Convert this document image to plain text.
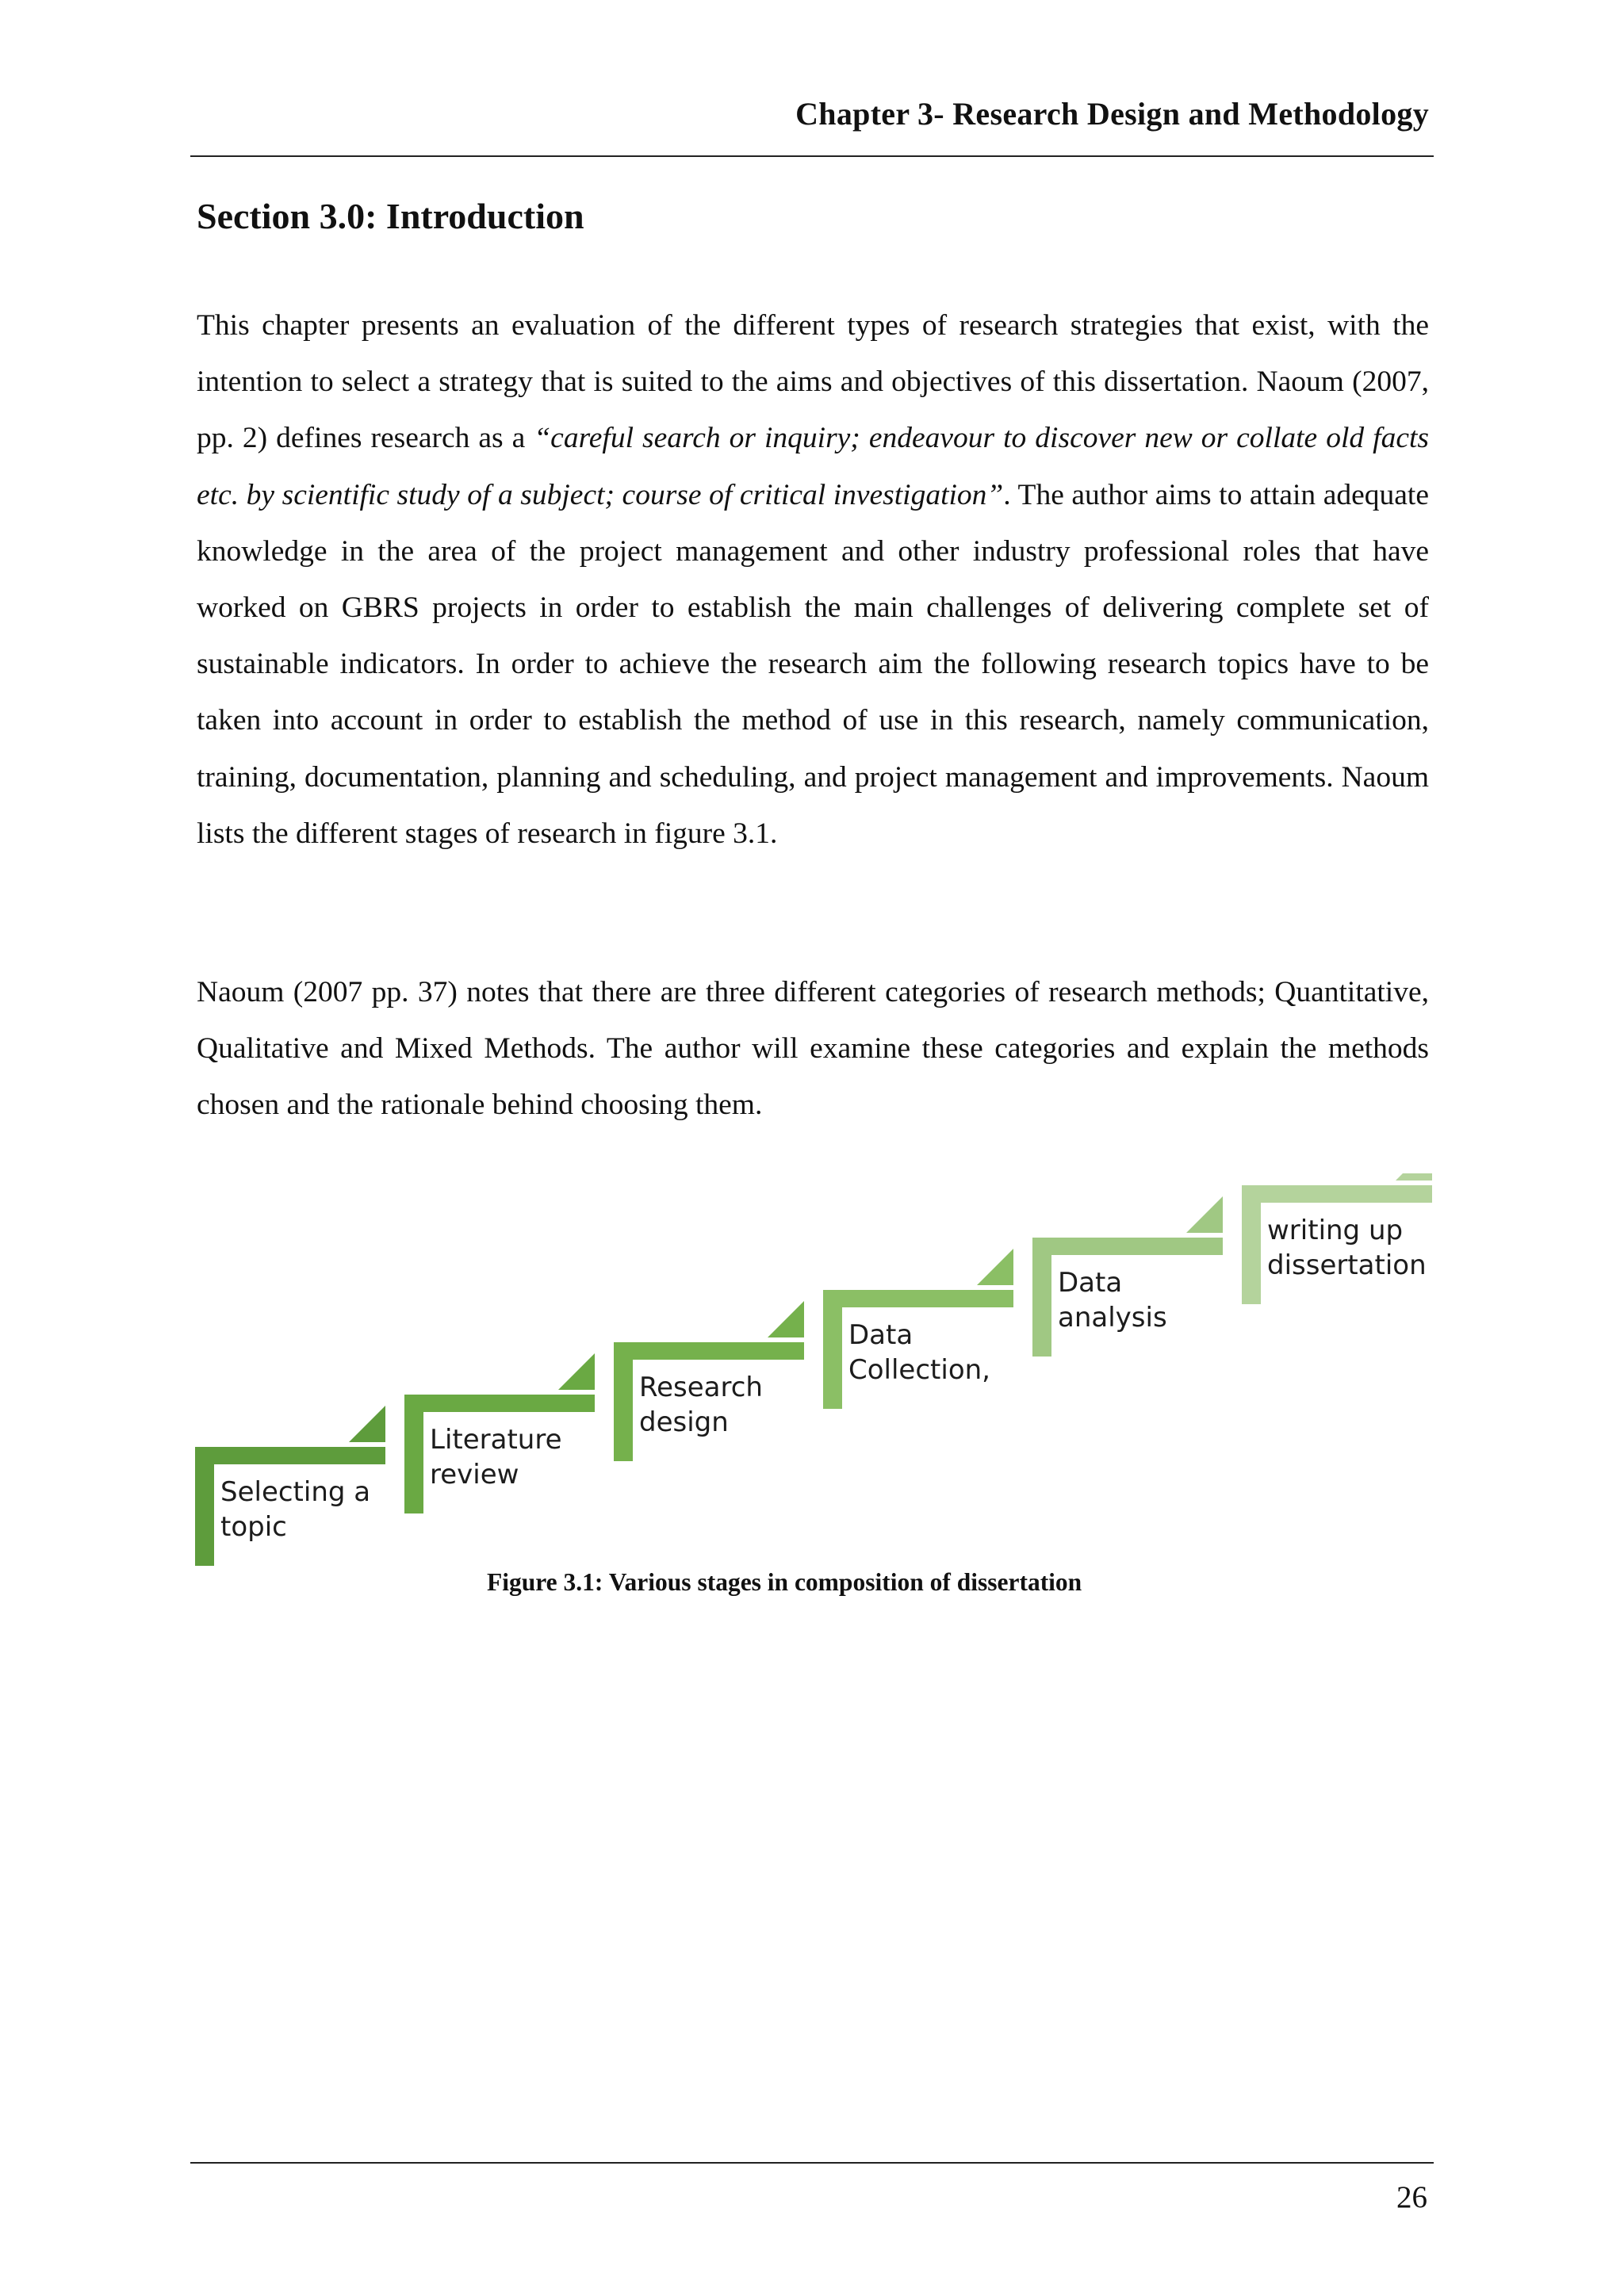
Chapter 3- Research Design and Methodology
Section 3.0: Introduction

This chapter presents an evaluation of the different types of research strategies that exist, with the intention to select a strategy that is suited to the aims and objectives of this dissertation. Naoum (2007, pp. 2) defines research as a “careful search or inquiry; endeavour to discover new or collate old facts etc. by scientific study of a subject; course of critical investigation”. The author aims to attain adequate knowledge in the area of the project management and other industry professional roles that have worked on GBRS projects in order to establish the main challenges of delivering complete set of sustainable indicators. In order to achieve the research aim the following research topics have to be taken into account in order to establish the method of use in this research, namely communication, training, documentation, planning and scheduling, and project management and improvements. Naoum lists the different stages of research in figure 3.1.

Naoum (2007 pp. 37) notes that there are three different categories of research methods; Quantitative, Qualitative and Mixed Methods. The author will examine these categories and explain the methods chosen and the rationale behind choosing them.

Selecting a
topic
Literature
review
Research
design
Data
Collection,
Data
analysis
writing up
dissertation
Figure 3.1: Various stages in composition of dissertation
26
